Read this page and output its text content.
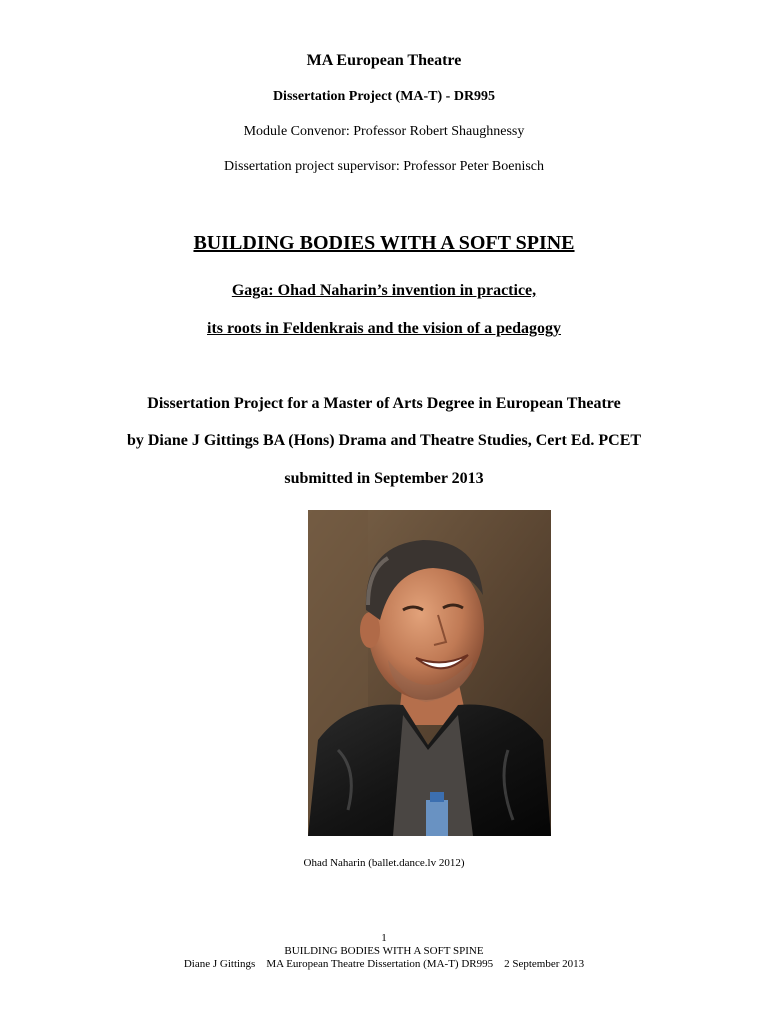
MA European Theatre
Dissertation Project (MA-T) - DR995
Module Convenor: Professor Robert Shaughnessy
Dissertation project supervisor: Professor Peter Boenisch
BUILDING BODIES WITH A SOFT SPINE
Gaga: Ohad Naharin’s invention in practice,
its roots in Feldenkrais and the vision of a pedagogy
Dissertation Project for a Master of Arts Degree in European Theatre
by Diane J Gittings BA (Hons) Drama and Theatre Studies, Cert Ed. PCET
submitted in September 2013
Ohad Naharin (ballet.dance.lv 2012)
1
BUILDING BODIES WITH A SOFT SPINE
Diane J Gittings    MA European Theatre Dissertation (MA-T) DR995    2 September 2013
